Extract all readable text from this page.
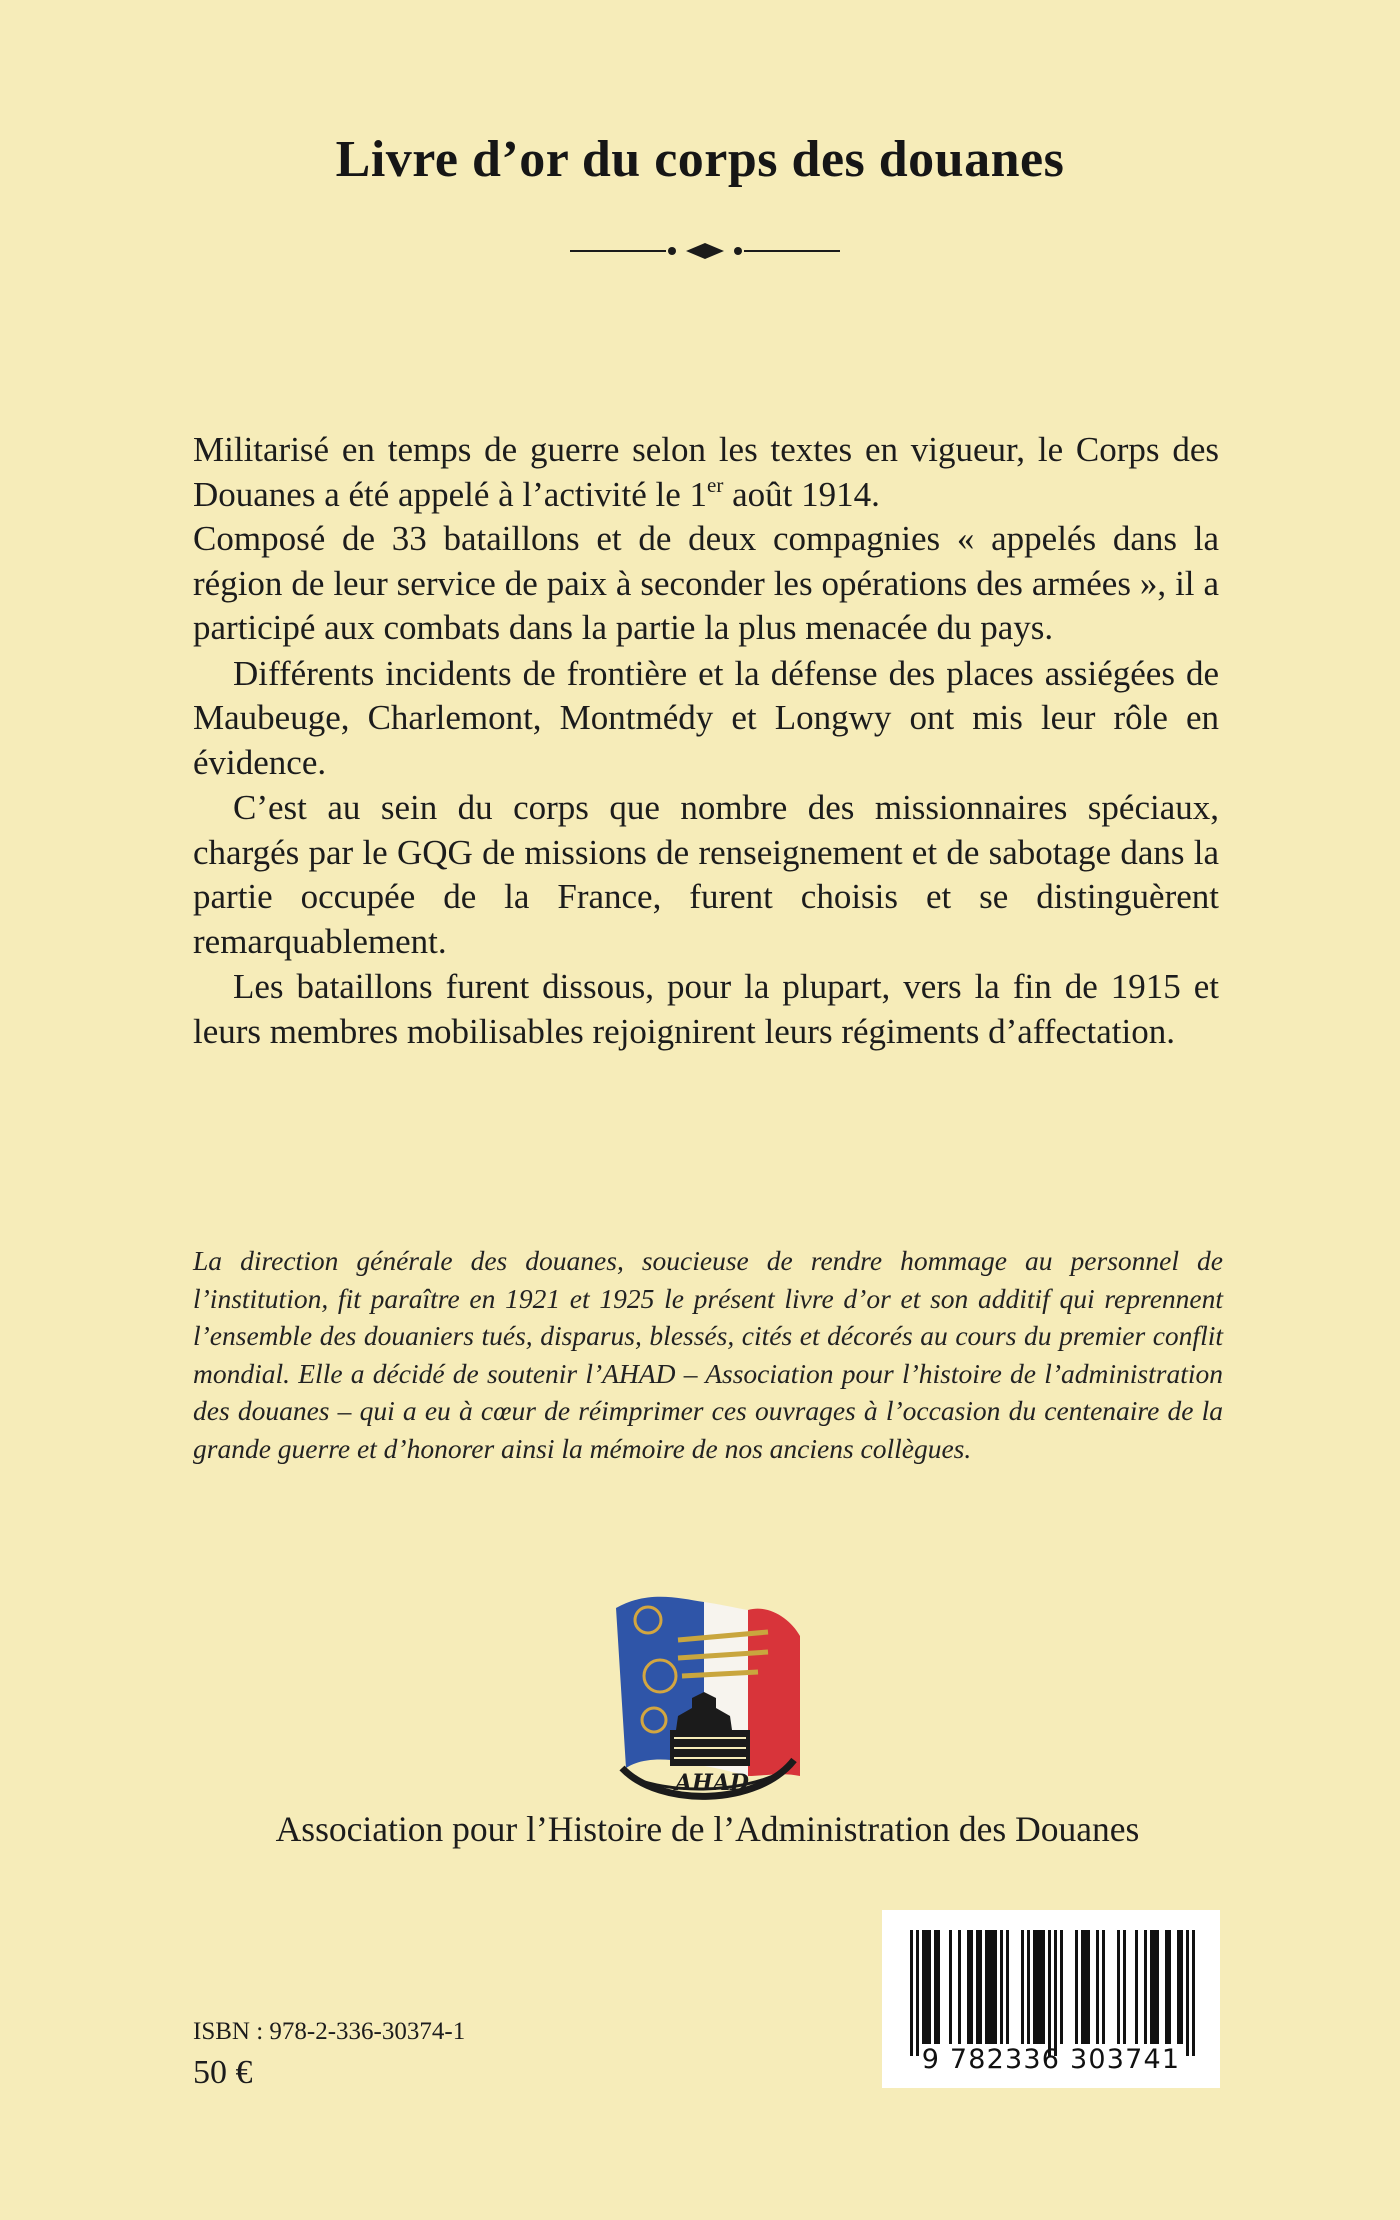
Livre d’or du corps des douanes

Militarisé en temps de guerre selon les textes en vigueur, le Corps des Douanes a été appelé à l’activité le 1er août 1914.

Composé de 33 bataillons et de deux compagnies « appelés dans la région de leur service de paix à seconder les opérations des armées », il a participé aux combats dans la partie la plus menacée du pays.

Différents incidents de frontière et la défense des places assiégées de Maubeuge, Charlemont, Montmédy et Longwy ont mis leur rôle en évidence.

C’est au sein du corps que nombre des missionnaires spéciaux, chargés par le GQG de missions de renseignement et de sabotage dans la partie occupée de la France, furent choisis et se distinguèrent remarquablement.

Les bataillons furent dissous, pour la plupart, vers la fin de 1915 et leurs membres mobilisables rejoignirent leurs régiments d’affectation.

La direction générale des douanes, soucieuse de rendre hommage au personnel de l’institution, fit paraître en 1921 et 1925 le présent livre d’or et son additif qui reprennent l’ensemble des douaniers tués, disparus, blessés, cités et décorés au cours du premier conflit mondial. Elle a décidé de soutenir l’AHAD – Association pour l’histoire de l’administration des douanes – qui a eu à cœur de réimprimer ces ouvrages à l’occasion du centenaire de la grande guerre et d’honorer ainsi la mémoire de nos anciens collègues.
AHAD
Association pour l’Histoire de l’Administration des Douanes
ISBN : 978-2-336-30374-1
50 €	9 782336 303741
